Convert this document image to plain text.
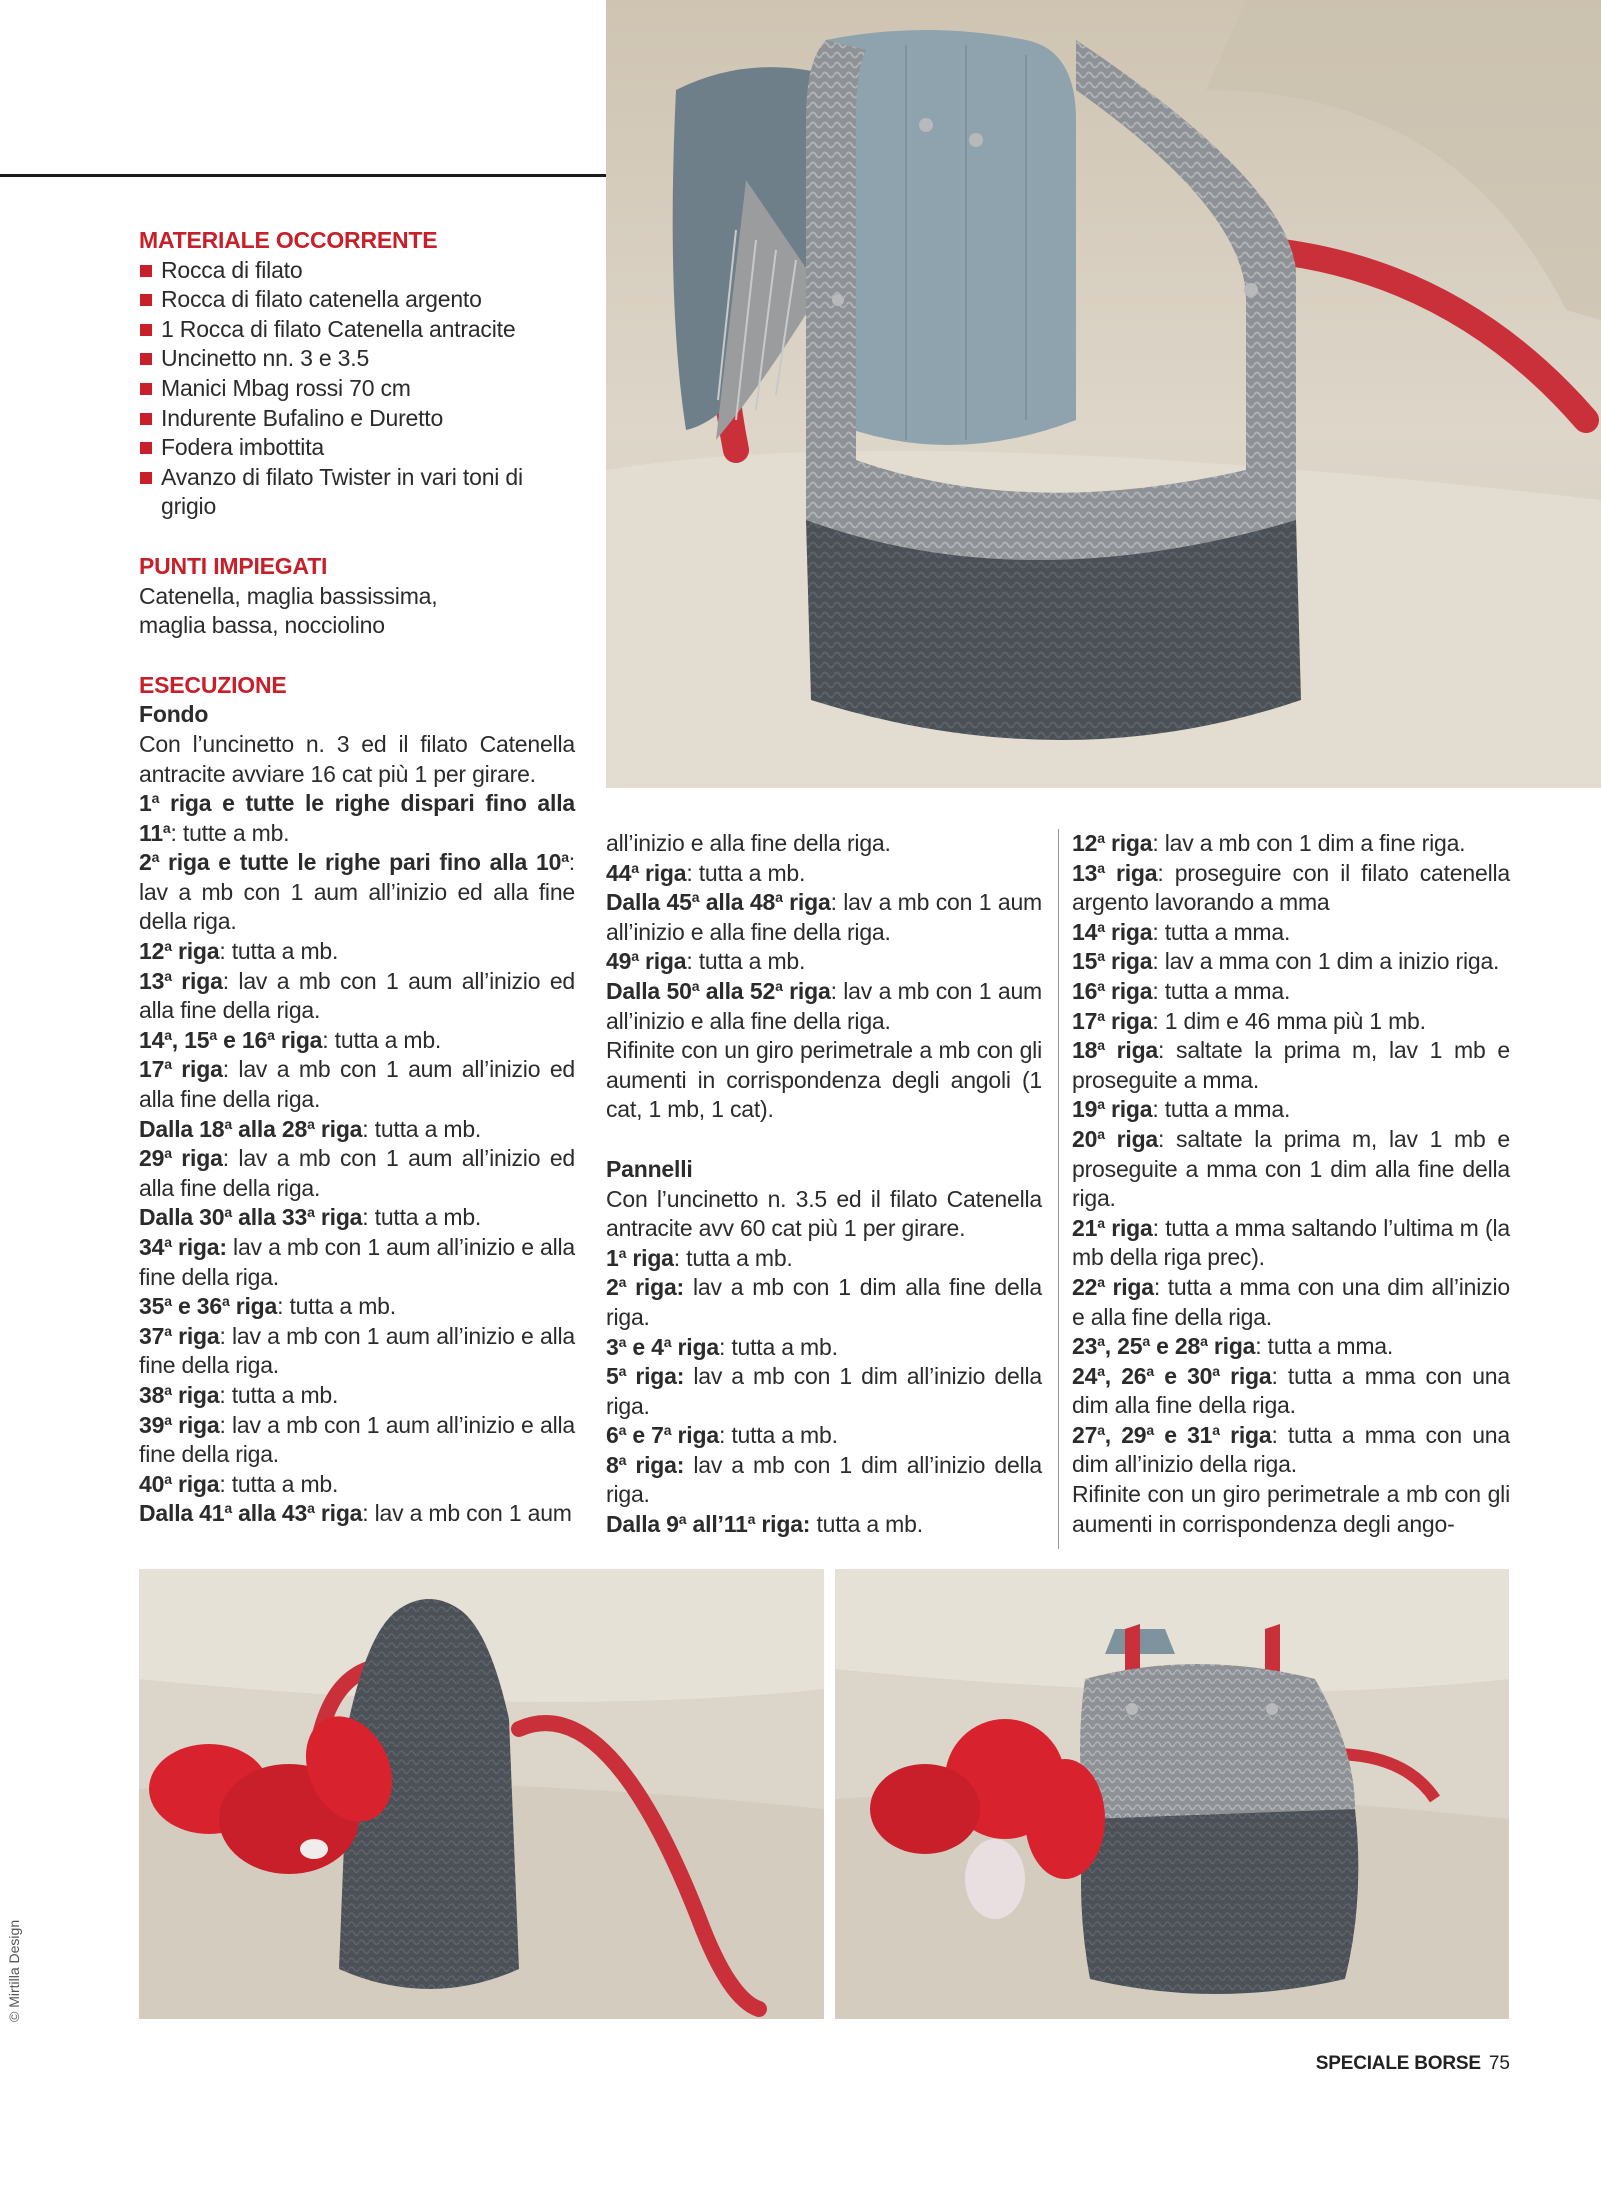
MATERIALE OCCORRENTE

Rocca di filato
Rocca di filato catenella argento
1 Rocca di filato Catenella antracite
Uncinetto nn. 3 e 3.5
Manici Mbag rossi 70 cm
Indurente Bufalino e Duretto
Fodera imbottita
Avanzo di filato Twister in vari toni di grigio

PUNTI IMPIEGATI

Catenella, maglia bassissima, maglia bassa, nocciolino

ESECUZIONE

Fondo

Con l’uncinetto n. 3 ed il filato Catenella antracite avviare 16 cat più 1 per girare.

1$^a$ riga e tutte le righe dispari fino alla 11$^a$: tutte a mb.

2$^a$ riga e tutte le righe pari fino alla 10$^a$: lav a mb con 1 aum all’inizio ed alla fine della riga.

12$^a$ riga: tutta a mb.

13$^a$ riga: lav a mb con 1 aum all’inizio ed alla fine della riga.

14$^a$, 15$^a$ e 16$^a$ riga: tutta a mb.

17$^a$ riga: lav a mb con 1 aum all’inizio ed alla fine della riga.

Dalla 18$^a$ alla 28$^a$ riga: tutta a mb.

29$^a$ riga: lav a mb con 1 aum all’inizio ed alla fine della riga.

Dalla 30$^a$ alla 33$^a$ riga: tutta a mb.

34$^a$ riga: lav a mb con 1 aum all’inizio e alla fine della riga.

35$^a$ e 36$^a$ riga: tutta a mb.

37$^a$ riga: lav a mb con 1 aum all’inizio e alla fine della riga.

38$^a$ riga: tutta a mb.

39$^a$ riga: lav a mb con 1 aum all’inizio e alla fine della riga.

40$^a$ riga: tutta a mb.

Dalla 41$^a$ alla 43$^a$ riga: lav a mb con 1 aum

all’inizio e alla fine della riga.

44$^a$ riga: tutta a mb.

Dalla 45$^a$ alla 48$^a$ riga: lav a mb con 1 aum all’inizio e alla fine della riga.

49$^a$ riga: tutta a mb.

Dalla 50$^a$ alla 52$^a$ riga: lav a mb con 1 aum all’inizio e alla fine della riga.

Rifinite con un giro perimetrale a mb con gli aumenti in corrispondenza degli angoli (1 cat, 1 mb, 1 cat).

Pannelli

Con l’uncinetto n. 3.5 ed il filato Catenella antracite avv 60 cat più 1 per girare.

1$^a$ riga: tutta a mb.

2$^a$ riga: lav a mb con 1 dim alla fine della riga.

3$^a$ e 4$^a$ riga: tutta a mb.

5$^a$ riga: lav a mb con 1 dim all’inizio della riga.

6$^a$ e 7$^a$ riga: tutta a mb.

8$^a$ riga: lav a mb con 1 dim all’inizio della riga.

Dalla 9$^a$ all’11$^a$ riga: tutta a mb.

12$^a$ riga: lav a mb con 1 dim a fine riga.

13$^a$ riga: proseguire con il filato catenella argento lavorando a mma

14$^a$ riga: tutta a mma.

15$^a$ riga: lav a mma con 1 dim a inizio riga.

16$^a$ riga: tutta a mma.

17$^a$ riga: 1 dim e 46 mma più 1 mb.

18$^a$ riga: saltate la prima m, lav 1 mb e proseguite a mma.

19$^a$ riga: tutta a mma.

20$^a$ riga: saltate la prima m, lav 1 mb e proseguite a mma con 1 dim alla fine della riga.

21$^a$ riga: tutta a mma saltando l’ultima m (la mb della riga prec).

22$^a$ riga: tutta a mma con una dim all’inizio e alla fine della riga.

23$^a$, 25$^a$ e 28$^a$ riga: tutta a mma.

24$^a$, 26$^a$ e 30$^a$ riga: tutta a mma con una dim alla fine della riga.

27$^a$, 29$^a$ e 31$^a$ riga: tutta a mma con una dim all’inizio della riga.

Rifinite con un giro perimetrale a mb con gli aumenti in corrispondenza degli ango-

© Mirtilla Design
SPECIALE BORSE 75
